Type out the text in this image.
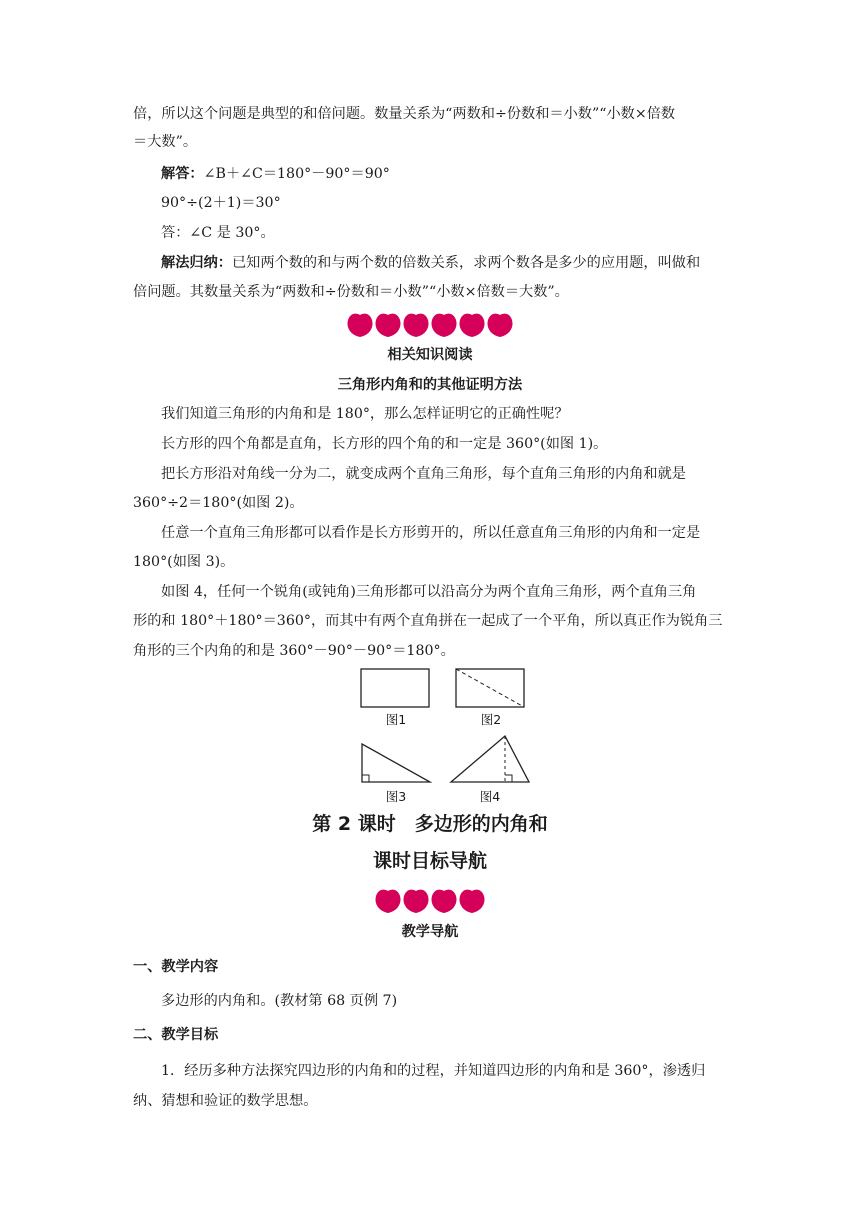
倍，所以这个问题是典型的和倍问题。数量关系为“两数和÷份数和＝小数”“小数×倍数
＝大数”。
解答：∠B＋∠C＝180°－90°＝90°
90°÷(2＋1)＝30°
答：∠C 是 30°。
解法归纳：已知两个数的和与两个数的倍数关系，求两个数各是多少的应用题，叫做和
倍问题。其数量关系为“两数和÷份数和＝小数”“小数×倍数＝大数”。
相关知识阅读
三角形内角和的其他证明方法
我们知道三角形的内角和是 180°，那么怎样证明它的正确性呢？
长方形的四个角都是直角，长方形的四个角的和一定是 360°(如图 1)。
把长方形沿对角线一分为二，就变成两个直角三角形，每个直角三角形的内角和就是
360°÷2＝180°(如图 2)。
任意一个直角三角形都可以看作是长方形剪开的，所以任意直角三角形的内角和一定是
180°(如图 3)。
如图 4，任何一个锐角(或钝角)三角形都可以沿高分为两个直角三角形，两个直角三角
形的和 180°＋180°＝360°，而其中有两个直角拼在一起成了一个平角，所以真正作为锐角三
角形的三个内角的和是 360°－90°－90°＝180°。
图1	图2
图3	图4
第 2 课时　多边形的内角和
课时目标导航
教学导航
一、教学内容
多边形的内角和。(教材第 68 页例 7)
二、教学目标
1．经历多种方法探究四边形的内角和的过程，并知道四边形的内角和是 360°，渗透归
纳、猜想和验证的数学思想。
